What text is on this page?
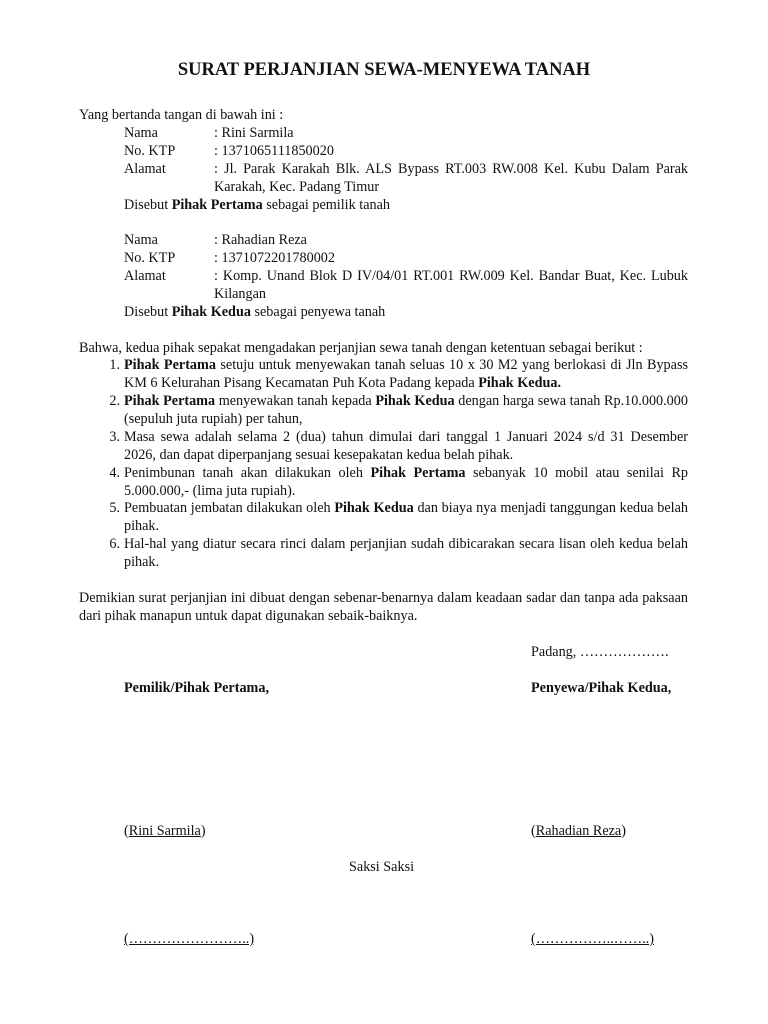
SURAT PERJANJIAN SEWA-MENYEWA TANAH
Yang bertanda tangan di bawah ini :
Nama	: Rini Sarmila
No. KTP	: 1371065111850020
Alamat	: Jl. Parak Karakah Blk. ALS Bypass RT.003 RW.008 Kel. Kubu Dalam Parak Karakah, Kec. Padang Timur
Disebut Pihak Pertama sebagai pemilik tanah
Nama	: Rahadian Reza
No. KTP	: 1371072201780002
Alamat	: Komp. Unand Blok D IV/04/01 RT.001 RW.009 Kel. Bandar Buat, Kec. Lubuk Kilangan
Disebut Pihak Kedua sebagai penyewa tanah
Bahwa, kedua pihak sepakat mengadakan perjanjian sewa tanah dengan ketentuan sebagai berikut :
1. Pihak Pertama setuju untuk menyewakan tanah seluas 10 x 30 M2 yang berlokasi di Jln Bypass KM 6 Kelurahan Pisang Kecamatan Puh Kota Padang kepada Pihak Kedua.
2. Pihak Pertama menyewakan tanah kepada Pihak Kedua dengan harga sewa tanah Rp.10.000.000 (sepuluh juta rupiah) per tahun,
3. Masa sewa adalah selama 2 (dua) tahun dimulai dari tanggal 1 Januari 2024 s/d 31 Desember 2026, dan dapat diperpanjang sesuai kesepakatan kedua belah pihak.
4. Penimbunan tanah akan dilakukan oleh Pihak Pertama sebanyak 10 mobil atau senilai Rp 5.000.000,- (lima juta rupiah).
5. Pembuatan jembatan dilakukan oleh Pihak Kedua dan biaya nya menjadi tanggungan kedua belah pihak.
6. Hal-hal yang diatur secara rinci dalam perjanjian sudah dibicarakan secara lisan oleh kedua belah pihak.
Demikian surat perjanjian ini dibuat dengan sebenar-benarnya dalam keadaan sadar dan tanpa ada paksaan dari pihak manapun untuk dapat digunakan sebaik-baiknya.
Padang, ……………….
Pemilik/Pihak Pertama,	Penyewa/Pihak Kedua,
(Rini Sarmila)	(Rahadian Reza)
Saksi Saksi
(……………………..)	(……………..……..)
